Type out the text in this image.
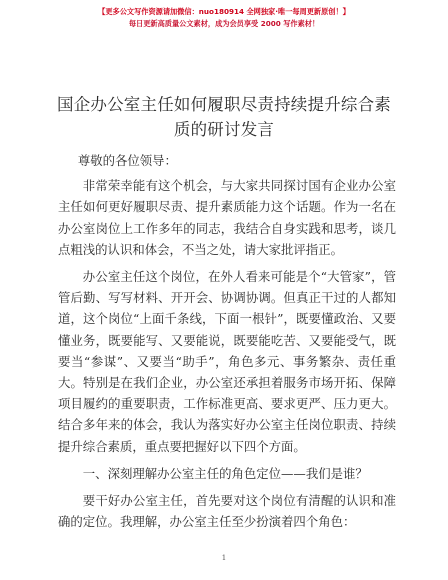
【更多公文写作资源请加微信：nuo180914 全网独家·唯一每周更新原创！】
每日更新高质量公文素材，成为会员享受 2000 写作素材！
国企办公室主任如何履职尽责持续提升综合素质的研讨发言

尊敬的各位领导：

非常荣幸能有这个机会，与大家共同探讨国有企业办公室主任如何更好履职尽责、提升素质能力这个话题。作为一名在办公室岗位上工作多年的同志，我结合自身实践和思考，谈几点粗浅的认识和体会，不当之处，请大家批评指正。

办公室主任这个岗位，在外人看来可能是个“大管家”，管管后勤、写写材料、开开会、协调协调。但真正干过的人都知道，这个岗位“上面千条线，下面一根针”，既要懂政治、又要懂业务，既要能写、又要能说，既要能吃苦、又要能受气，既要当“参谋”、又要当“助手”，角色多元、事务繁杂、责任重大。特别是在我们企业，办公室还承担着服务市场开拓、保障项目履约的重要职责，工作标准更高、要求更严、压力更大。结合多年来的体会，我认为落实好办公室主任岗位职责、持续提升综合素质，重点要把握好以下四个方面。

一、深刻理解办公室主任的角色定位——我们是谁？

要干好办公室主任，首先要对这个岗位有清醒的认识和准确的定位。我理解，办公室主任至少扮演着四个角色：

1
